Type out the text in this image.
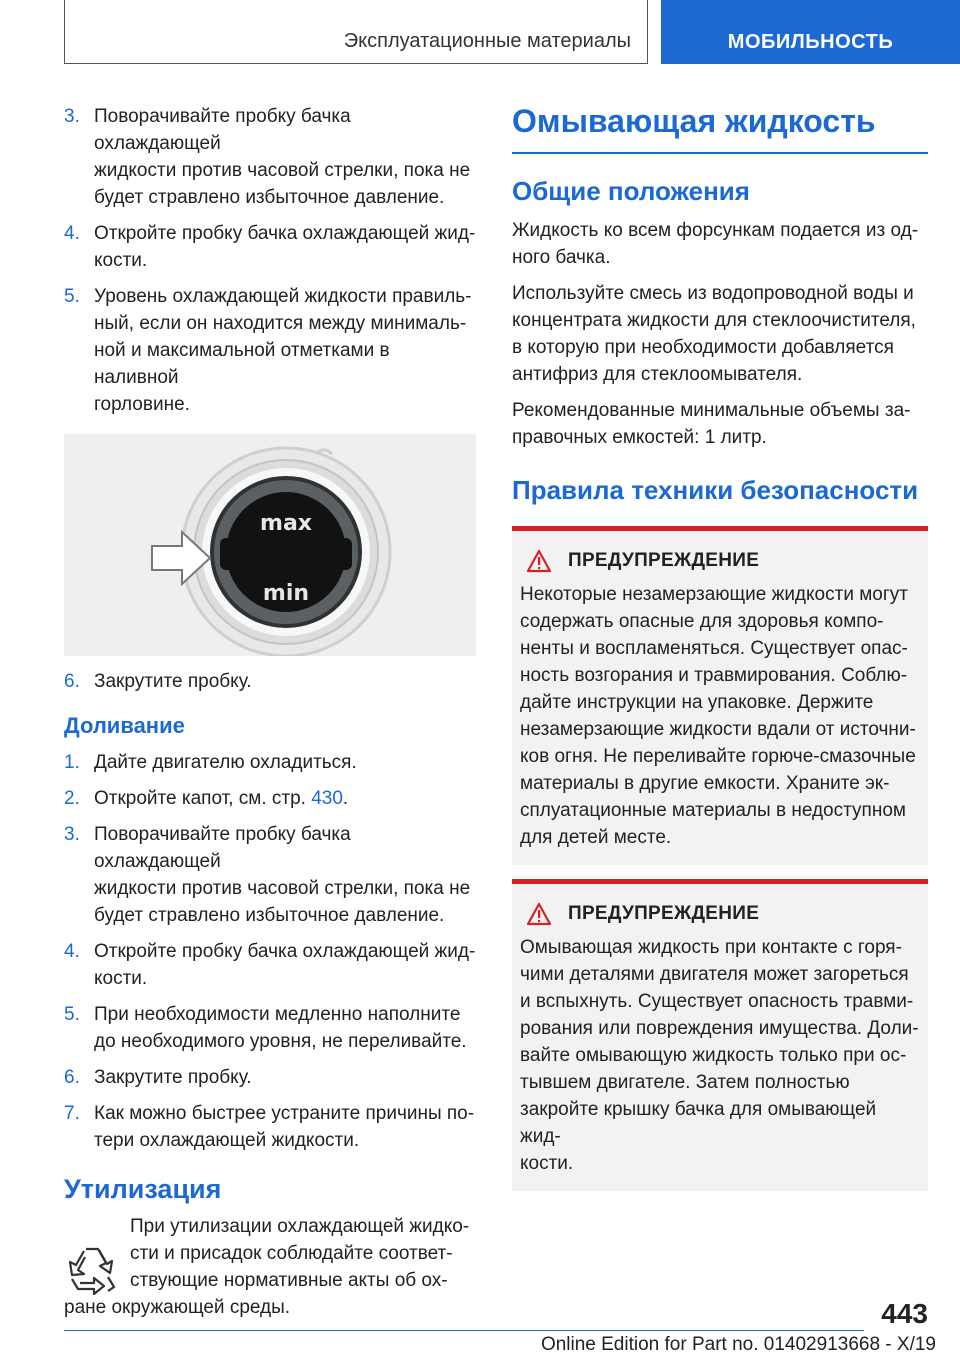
Эксплуатационные материалы	МОБИЛЬНОСТЬ
3. Поворачивайте пробку бачка охлаждающей
жидкости против часовой стрелки, пока не
будет стравлено избыточное давление.
4. Откройте пробку бачка охлаждающей жид-
кости.
5. Уровень охлаждающей жидкости правиль-
ный, если он находится между минималь-
ной и максимальной отметками в наливной
горловине.
max
min
6. Закрутите пробку.
Доливание
1. Дайте двигателю охладиться.
2. Откройте капот, см. стр. 430.
3. Поворачивайте пробку бачка охлаждающей
жидкости против часовой стрелки, пока не
будет стравлено избыточное давление.
4. Откройте пробку бачка охлаждающей жид-
кости.
5. При необходимости медленно наполните
до необходимого уровня, не переливайте.
6. Закрутите пробку.
7. Как можно быстрее устраните причины по-
тери охлаждающей жидкости.
Утилизация
При утилизации охлаждающей жидко-
сти и присадок соблюдайте соответ-
ствующие нормативные акты об ох-
ране окружающей среды.
Омывающая жидкость
Общие положения
Жидкость ко всем форсункам подается из од-
ного бачка.
Используйте смесь из водопроводной воды и
концентрата жидкости для стеклоочистителя,
в которую при необходимости добавляется
антифриз для стеклоомывателя.
Рекомендованные минимальные объемы за-
правочных емкостей: 1 литр.
Правила техники безопасности
ПРЕДУПРЕЖДЕНИЕ
Некоторые незамерзающие жидкости могут
содержать опасные для здоровья компо-
ненты и воспламеняться. Существует опас-
ность возгорания и травмирования. Соблю-
дайте инструкции на упаковке. Держите
незамерзающие жидкости вдали от источни-
ков огня. Не переливайте горюче-смазочные
материалы в другие емкости. Храните эк-
сплуатационные материалы в недоступном
для детей месте.
ПРЕДУПРЕЖДЕНИЕ
Омывающая жидкость при контакте с горя-
чими деталями двигателя может загореться
и вспыхнуть. Существует опасность травми-
рования или повреждения имущества. Доли-
вайте омывающую жидкость только при ос-
тывшем двигателе. Затем полностью
закройте крышку бачка для омывающей жид-
кости.
443
Online Edition for Part no. 01402913668 - X/19
